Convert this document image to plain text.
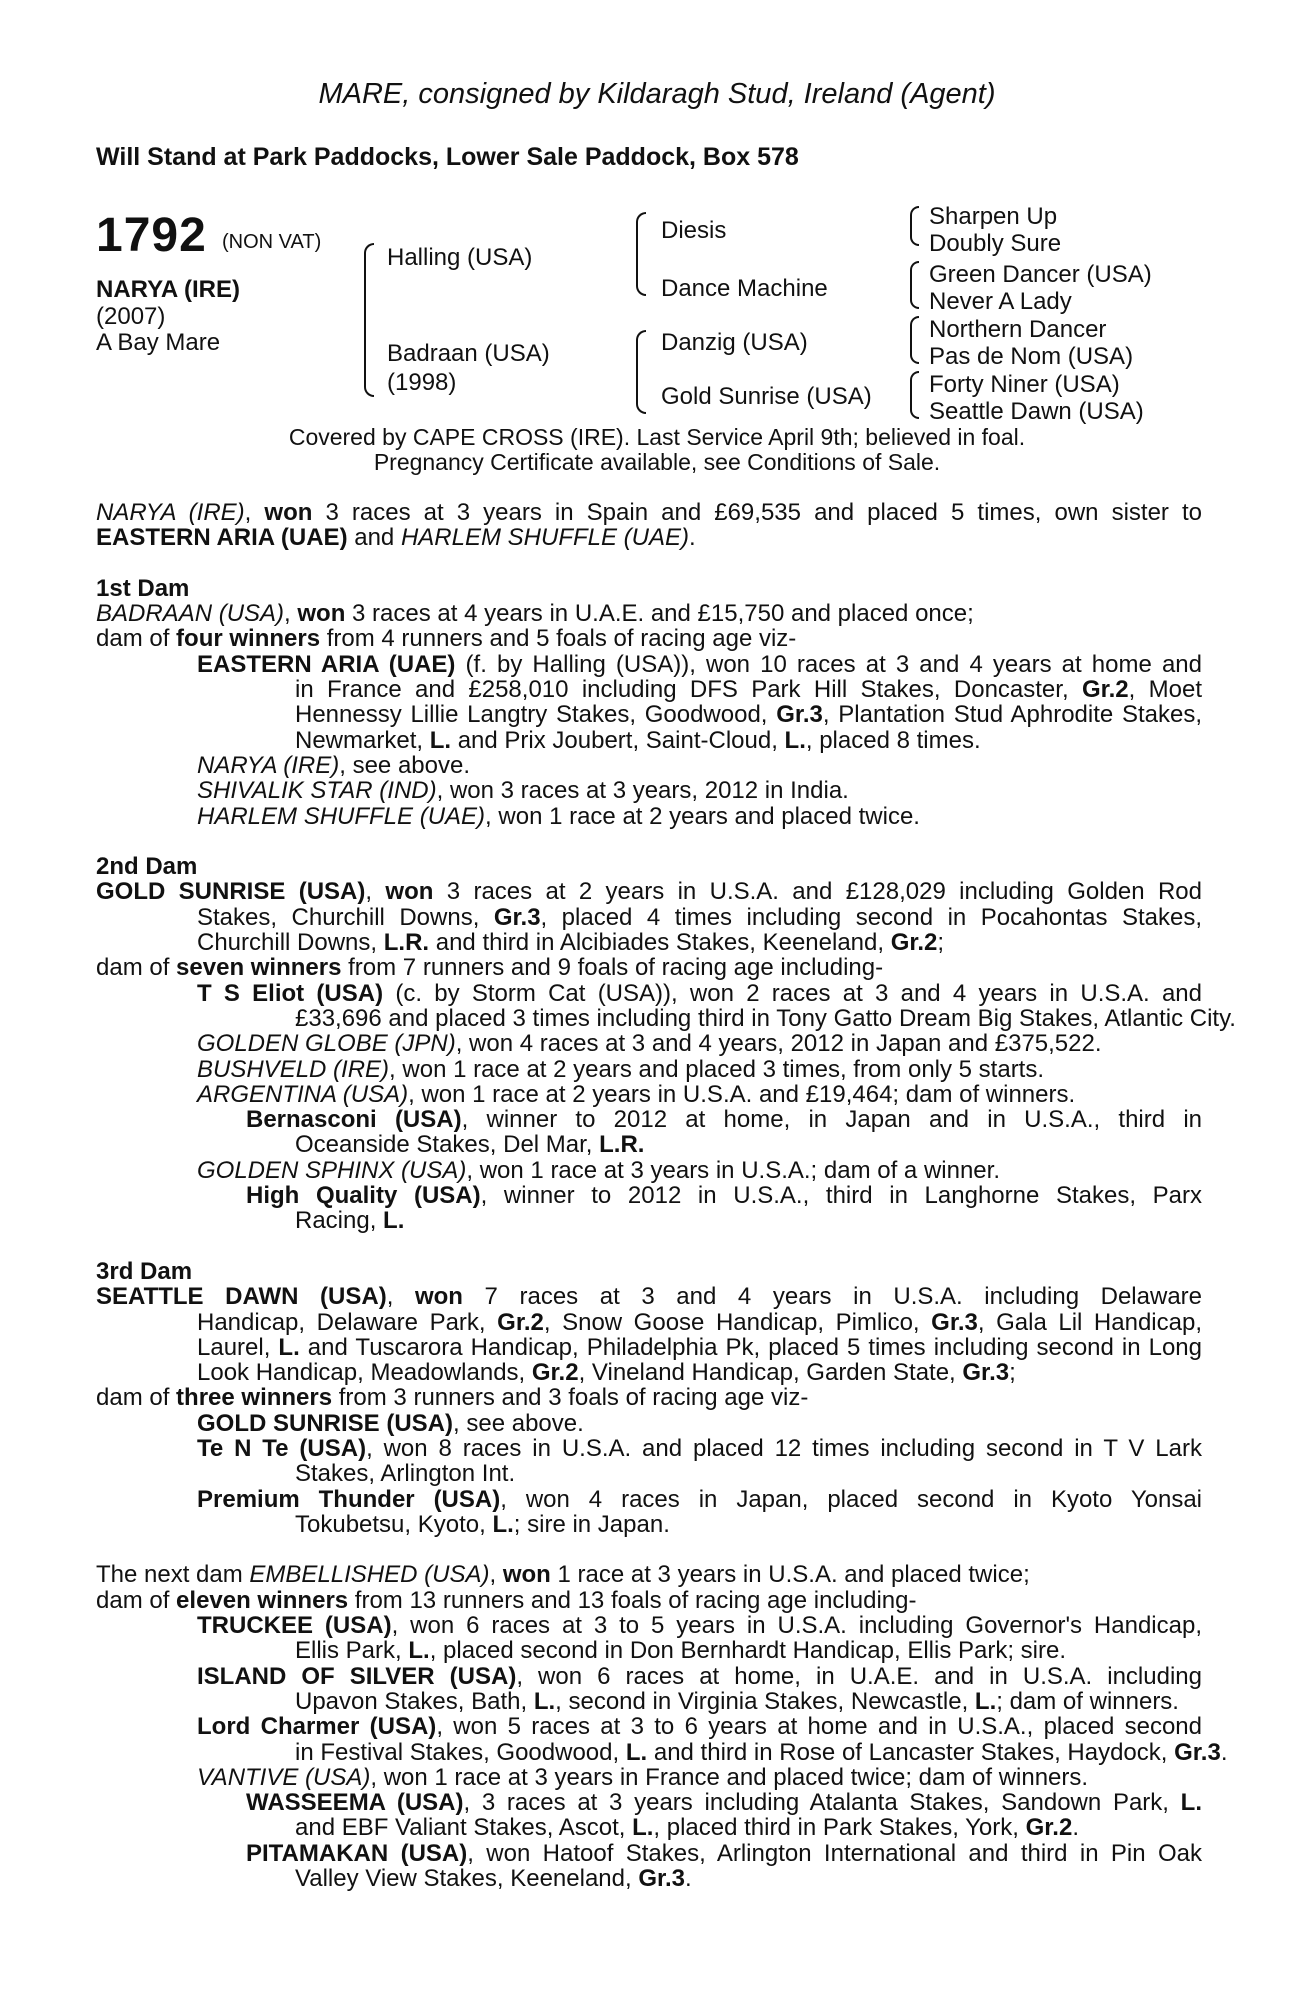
MARE, consigned by Kildaragh Stud, Ireland (Agent)
Will Stand at Park Paddocks, Lower Sale Paddock, Box 578
1792 (NON VAT)
NARYA (IRE)
(2007)
A Bay Mare
Halling (USA)
Badraan (USA)
(1998)
Diesis
Dance Machine
Danzig (USA)
Gold Sunrise (USA)
Sharpen Up
Doubly Sure
Green Dancer (USA)
Never A Lady
Northern Dancer
Pas de Nom (USA)
Forty Niner (USA)
Seattle Dawn (USA)
Covered by CAPE CROSS (IRE). Last Service April 9th; believed in foal.
Pregnancy Certificate available, see Conditions of Sale.
NARYA (IRE), won 3 races at 3 years in Spain and £69,535 and placed 5 times, own sister to
EASTERN ARIA (UAE) and HARLEM SHUFFLE (UAE).
1st Dam
BADRAAN (USA), won 3 races at 4 years in U.A.E. and £15,750 and placed once;
dam of four winners from 4 runners and 5 foals of racing age viz-
EASTERN ARIA (UAE) (f. by Halling (USA)), won 10 races at 3 and 4 years at home and
in France and £258,010 including DFS Park Hill Stakes, Doncaster, Gr.2, Moet
Hennessy Lillie Langtry Stakes, Goodwood, Gr.3, Plantation Stud Aphrodite Stakes,
Newmarket, L. and Prix Joubert, Saint-Cloud, L., placed 8 times.
NARYA (IRE), see above.
SHIVALIK STAR (IND), won 3 races at 3 years, 2012 in India.
HARLEM SHUFFLE (UAE), won 1 race at 2 years and placed twice.
2nd Dam
GOLD SUNRISE (USA), won 3 races at 2 years in U.S.A. and £128,029 including Golden Rod
Stakes, Churchill Downs, Gr.3, placed 4 times including second in Pocahontas Stakes,
Churchill Downs, L.R. and third in Alcibiades Stakes, Keeneland, Gr.2;
dam of seven winners from 7 runners and 9 foals of racing age including-
T S Eliot (USA) (c. by Storm Cat (USA)), won 2 races at 3 and 4 years in U.S.A. and
£33,696 and placed 3 times including third in Tony Gatto Dream Big Stakes, Atlantic City.
GOLDEN GLOBE (JPN), won 4 races at 3 and 4 years, 2012 in Japan and £375,522.
BUSHVELD (IRE), won 1 race at 2 years and placed 3 times, from only 5 starts.
ARGENTINA (USA), won 1 race at 2 years in U.S.A. and £19,464; dam of winners.
Bernasconi (USA), winner to 2012 at home, in Japan and in U.S.A., third in
Oceanside Stakes, Del Mar, L.R.
GOLDEN SPHINX (USA), won 1 race at 3 years in U.S.A.; dam of a winner.
High Quality (USA), winner to 2012 in U.S.A., third in Langhorne Stakes, Parx
Racing, L.
3rd Dam
SEATTLE DAWN (USA), won 7 races at 3 and 4 years in U.S.A. including Delaware
Handicap, Delaware Park, Gr.2, Snow Goose Handicap, Pimlico, Gr.3, Gala Lil Handicap,
Laurel, L. and Tuscarora Handicap, Philadelphia Pk, placed 5 times including second in Long
Look Handicap, Meadowlands, Gr.2, Vineland Handicap, Garden State, Gr.3;
dam of three winners from 3 runners and 3 foals of racing age viz-
GOLD SUNRISE (USA), see above.
Te N Te (USA), won 8 races in U.S.A. and placed 12 times including second in T V Lark
Stakes, Arlington Int.
Premium Thunder (USA), won 4 races in Japan, placed second in Kyoto Yonsai
Tokubetsu, Kyoto, L.; sire in Japan.
The next dam EMBELLISHED (USA), won 1 race at 3 years in U.S.A. and placed twice;
dam of eleven winners from 13 runners and 13 foals of racing age including-
TRUCKEE (USA), won 6 races at 3 to 5 years in U.S.A. including Governor's Handicap,
Ellis Park, L., placed second in Don Bernhardt Handicap, Ellis Park; sire.
ISLAND OF SILVER (USA), won 6 races at home, in U.A.E. and in U.S.A. including
Upavon Stakes, Bath, L., second in Virginia Stakes, Newcastle, L.; dam of winners.
Lord Charmer (USA), won 5 races at 3 to 6 years at home and in U.S.A., placed second
in Festival Stakes, Goodwood, L. and third in Rose of Lancaster Stakes, Haydock, Gr.3.
VANTIVE (USA), won 1 race at 3 years in France and placed twice; dam of winners.
WASSEEMA (USA), 3 races at 3 years including Atalanta Stakes, Sandown Park, L.
and EBF Valiant Stakes, Ascot, L., placed third in Park Stakes, York, Gr.2.
PITAMAKAN (USA), won Hatoof Stakes, Arlington International and third in Pin Oak
Valley View Stakes, Keeneland, Gr.3.
